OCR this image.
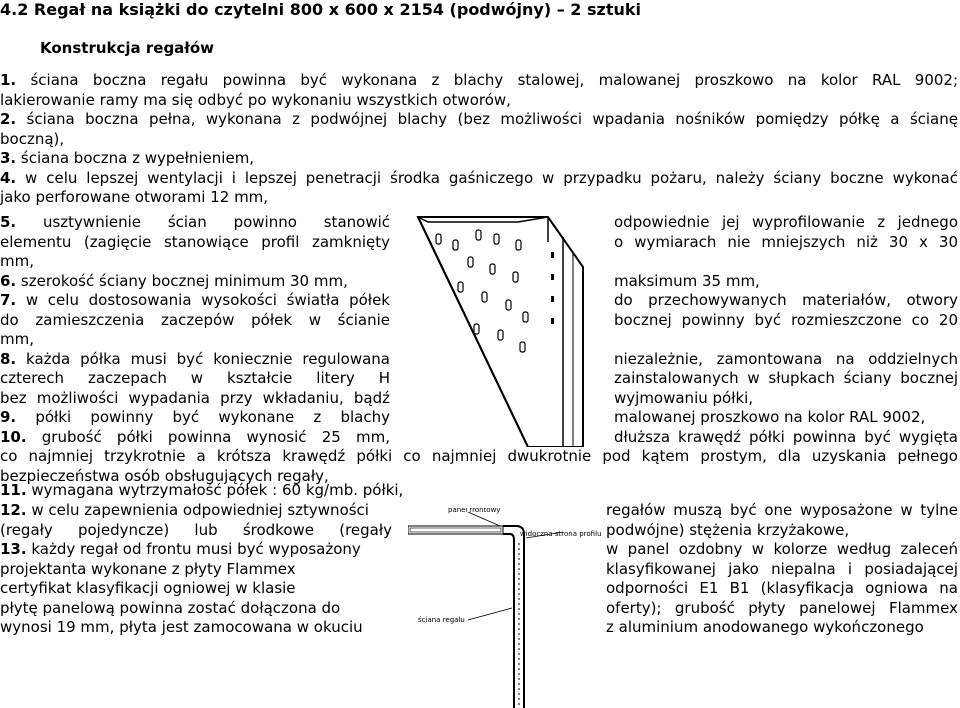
4.2 Regał na książki do czytelni 800 x 600 x 2154 (podwójny) – 2 sztuki
Konstrukcja regałów
1. ściana boczna regału powinna być wykonana z blachy stalowej, malowanej proszkowo na kolor RAL 9002;
lakierowanie ramy ma się odbyć po wykonaniu wszystkich otworów,
2. ściana boczna pełna, wykonana z podwójnej blachy (bez możliwości wpadania nośników pomiędzy półkę a ścianę
boczną),
3. ściana boczna z wypełnieniem,
4. w celu lepszej wentylacji i lepszej penetracji środka gaśniczego w przypadku pożaru, należy ściany boczne wykonać
jako perforowane otworami 12 mm,
5. usztywnienie ścian powinno stanowić
elementu (zagięcie stanowiące profil zamknięty
mm,
6. szerokość ściany bocznej minimum 30 mm,
7. w celu dostosowania wysokości światła półek
do zamieszczenia zaczepów półek w ścianie
mm,
8. każda półka musi być koniecznie regulowana
czterech zaczepach w kształcie litery H
bez możliwości wypadania przy wkładaniu, bądź
9. półki powinny być wykonane z blachy
10. grubość półki powinna wynosić 25 mm,
odpowiednie jej wyprofilowanie z jednego
o wymiarach nie mniejszych niż 30 x 30
maksimum 35 mm,
do przechowywanych materiałów, otwory
bocznej powinny być rozmieszczone co 20
niezależnie, zamontowana na oddzielnych
zainstalowanych w słupkach ściany bocznej
wyjmowaniu półki,
malowanej proszkowo na kolor RAL 9002,
dłuższa krawędź półki powinna być wygięta
co najmniej trzykrotnie a krótsza krawędź półki co najmniej dwukrotnie pod kątem prostym, dla uzyskania pełnego
bezpieczeństwa osób obsługujących regały,
11. wymagana wytrzymałość półek : 60 kg/mb. półki,
12. w celu zapewnienia odpowiedniej sztywności
(regały pojedyncze) lub środkowe (regały
13. każdy regał od frontu musi być wyposażony
projektanta wykonane z płyty Flammex
certyfikat klasyfikacji ogniowej w klasie
płytę panelową powinna zostać dołączona do
wynosi 19 mm, płyta jest zamocowana w okuciu
regałów muszą być one wyposażone w tylne
podwójne) stężenia krzyżakowe,
w panel ozdobny w kolorze według zaleceń
klasyfikowanej jako niepalna i posiadającej
odporności E1 B1 (klasyfikacja ogniowa na
oferty); grubość płyty panelowej Flammex
z aluminium anodowanego wykończonego
panel frontowy
widoczna strona profilu
ściana regału
